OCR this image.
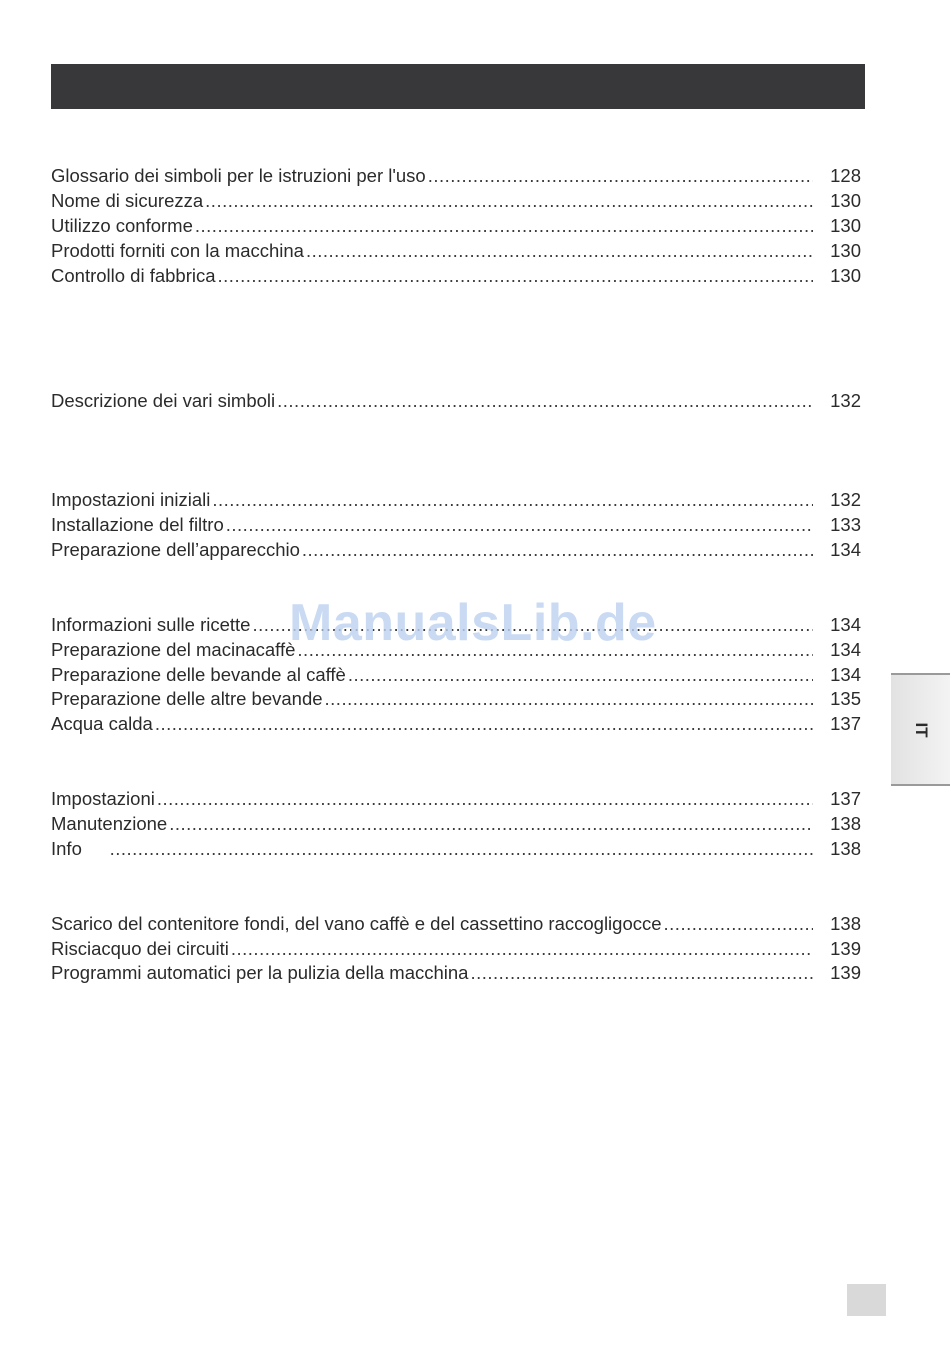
Glossario dei simboli per le istruzioni per l'uso .....	128
Nome di sicurezza .....	130
Utilizzo conforme .....	130
Prodotti forniti con la macchina .....	130
Controllo di fabbrica .....	130
Descrizione dei vari simboli .....	132
Impostazioni iniziali .....	132
Installazione del filtro .....	133
Preparazione dell’apparecchio .....	134
Informazioni sulle ricette .....	134
Preparazione del macinacaffè .....	134
Preparazione delle bevande al caffè .....	134
Preparazione delle altre bevande .....	135
Acqua calda .....	137
Impostazioni .....	137
Manutenzione .....	138
Info .....	138
Scarico del contenitore fondi, del vano caffè e del cassettino raccogligocce .....	138
Risciacquo dei circuiti .....	139
Programmi automatici per la pulizia della macchina .....	139
ManualsLib.de
IT
